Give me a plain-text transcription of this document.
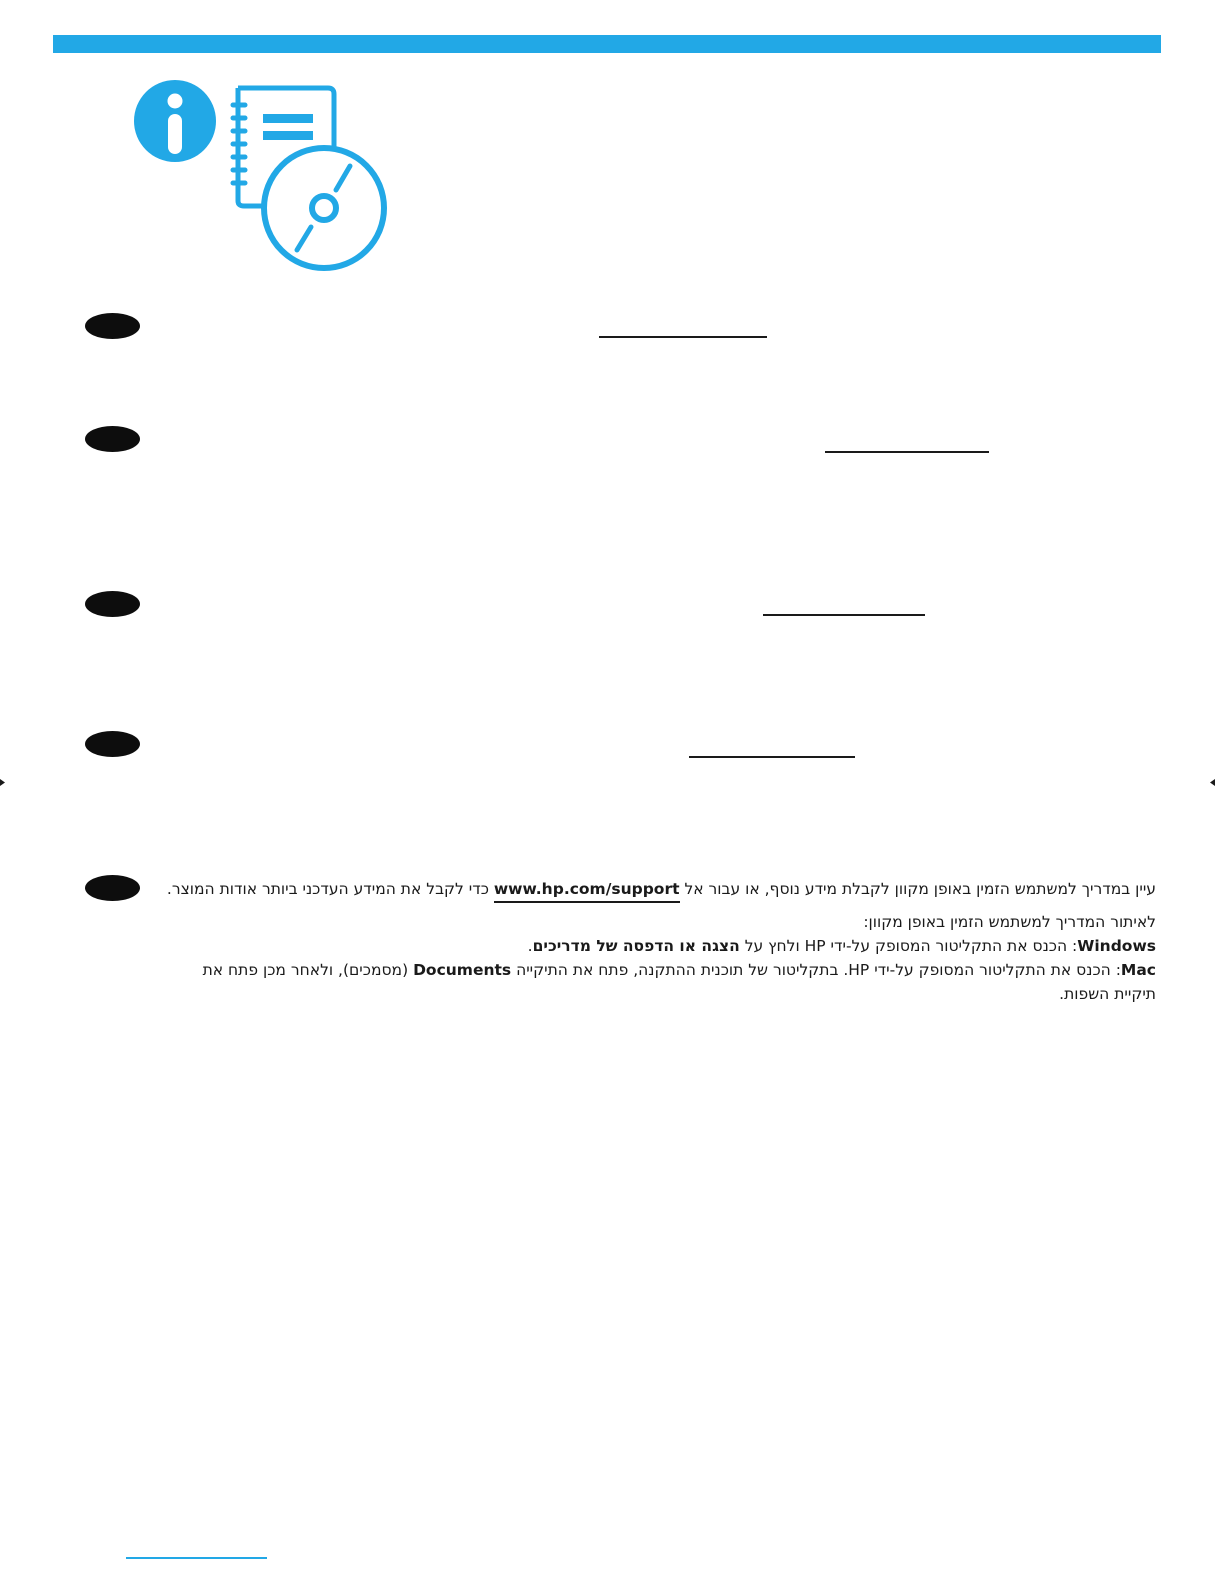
עיין במדריך למשתמש הזמין באופן מקוון לקבלת מידע נוסף, או עבור אל www.hp.com/support כדי לקבל את המידע העדכני ביותר אודות המוצר.

לאיתור המדריך למשתמש הזמין באופן מקוון:

Windows: הכנס את התקליטור המסופק על-ידי HP ולחץ על הצגה או הדפסה של מדריכים.

Mac: הכנס את התקליטור המסופק על-ידי HP. בתקליטור של תוכנית ההתקנה, פתח את התיקייה Documents (מסמכים), ולאחר מכן פתח את תיקיית השפות.
